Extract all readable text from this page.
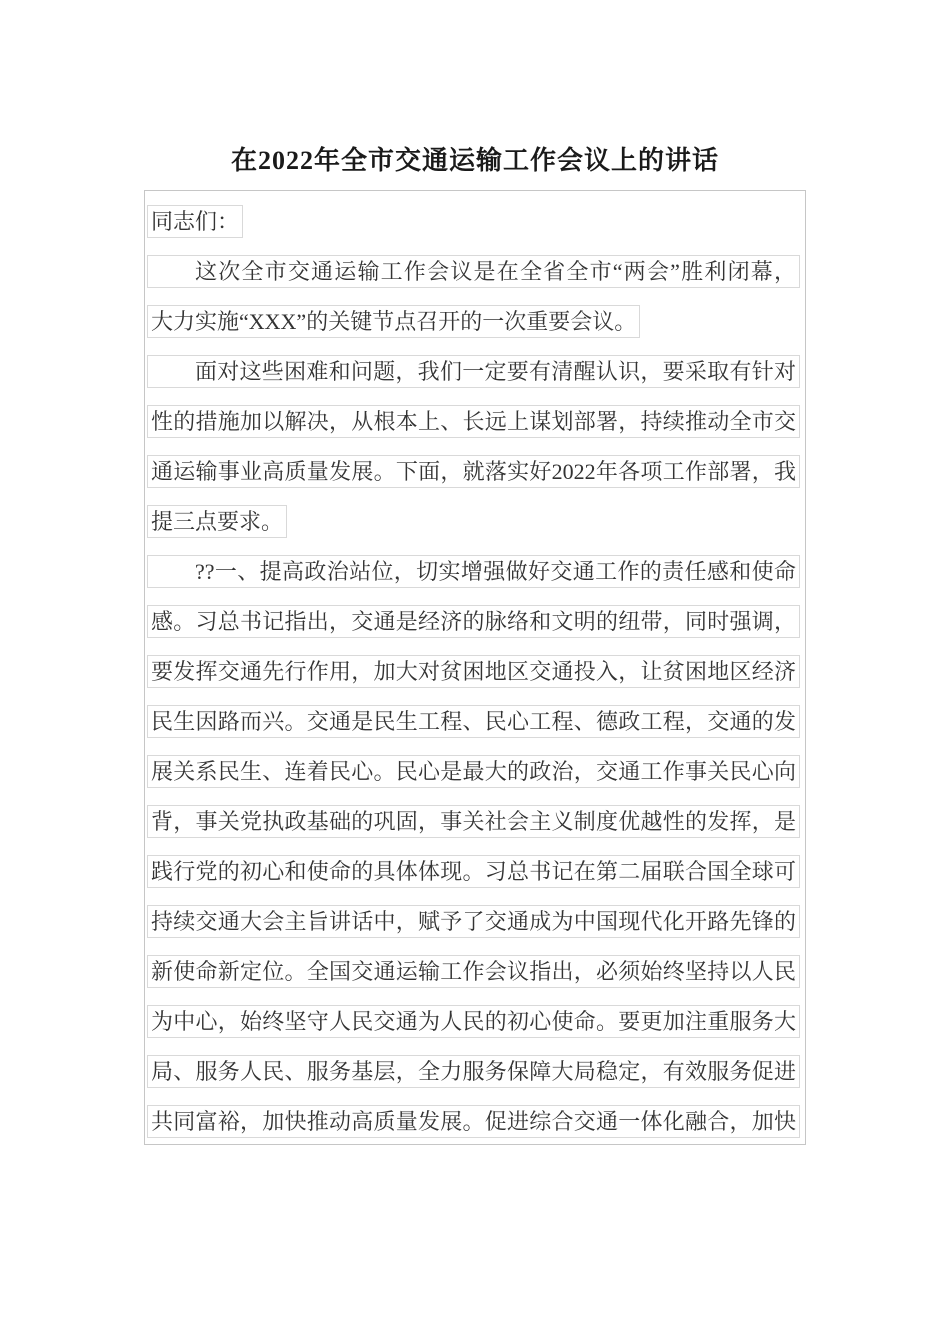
在2022年全市交通运输工作会议上的讲话
同志们：
这次全市交通运输工作会议是在全省全市“两会”胜利闭幕，
大力实施“XXX”的关键节点召开的一次重要会议。
面对这些困难和问题，我们一定要有清醒认识，要采取有针对
性的措施加以解决，从根本上、长远上谋划部署，持续推动全市交
通运输事业高质量发展。下面，就落实好2022年各项工作部署，我
提三点要求。
??一、提高政治站位，切实增强做好交通工作的责任感和使命
感。习总书记指出，交通是经济的脉络和文明的纽带，同时强调，
要发挥交通先行作用，加大对贫困地区交通投入，让贫困地区经济
民生因路而兴。交通是民生工程、民心工程、德政工程，交通的发
展关系民生、连着民心。民心是最大的政治，交通工作事关民心向
背，事关党执政基础的巩固，事关社会主义制度优越性的发挥，是
践行党的初心和使命的具体体现。习总书记在第二届联合国全球可
持续交通大会主旨讲话中，赋予了交通成为中国现代化开路先锋的
新使命新定位。全国交通运输工作会议指出，必须始终坚持以人民
为中心，始终坚守人民交通为人民的初心使命。要更加注重服务大
局、服务人民、服务基层，全力服务保障大局稳定，有效服务促进
共同富裕，加快推动高质量发展。促进综合交通一体化融合，加快
